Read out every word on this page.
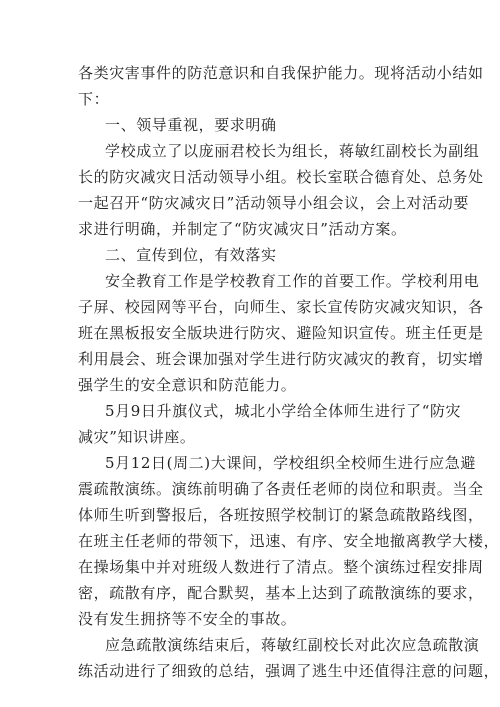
各类灾害事件的防范意识和自我保护能力。现将活动小结如
下：
一、领导重视，要求明确
学校成立了以庞丽君校长为组长，蒋敏红副校长为副组
长的防灾减灾日活动领导小组。校长室联合德育处、总务处
一起召开“防灾减灾日”活动领导小组会议，会上对活动要
求进行明确，并制定了“防灾减灾日”活动方案。
二、宣传到位，有效落实
安全教育工作是学校教育工作的首要工作。学校利用电
子屏、校园网等平台，向师生、家长宣传防灾减灾知识，各
班在黑板报安全版块进行防灾、避险知识宣传。班主任更是
利用晨会、班会课加强对学生进行防灾减灾的教育，切实增
强学生的安全意识和防范能力。
5月9日升旗仪式，城北小学给全体师生进行了“防灾
减灾”知识讲座。
5月12日(周二)大课间，学校组织全校师生进行应急避
震疏散演练。演练前明确了各责任老师的岗位和职责。当全
体师生听到警报后，各班按照学校制订的紧急疏散路线图，
在班主任老师的带领下，迅速、有序、安全地撤离教学大楼，
在操场集中并对班级人数进行了清点。整个演练过程安排周
密，疏散有序，配合默契，基本上达到了疏散演练的要求，
没有发生拥挤等不安全的事故。
应急疏散演练结束后，蒋敏红副校长对此次应急疏散演
练活动进行了细致的总结，强调了逃生中还值得注意的问题，
